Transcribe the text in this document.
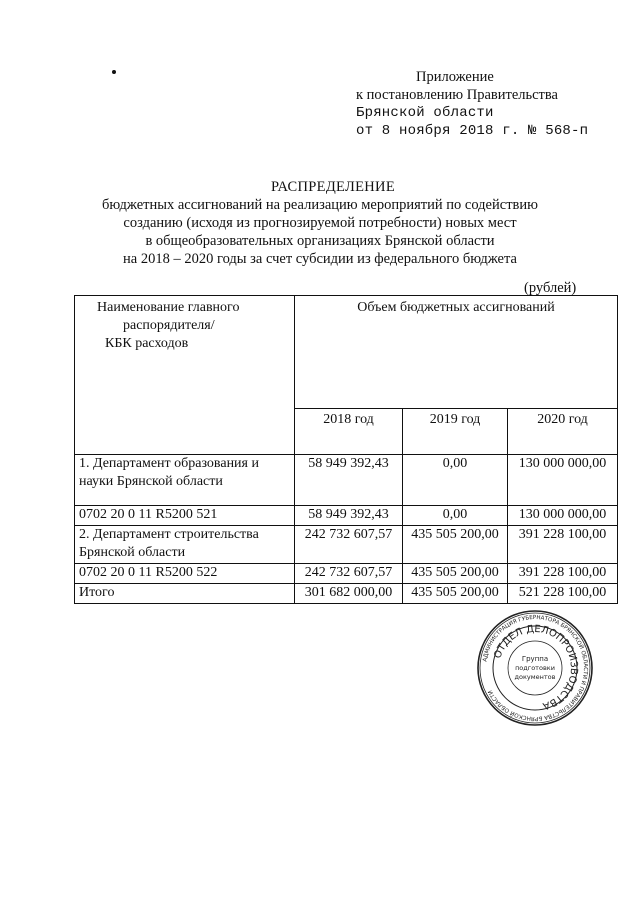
Приложение
к постановлению Правительства
Брянской области
от 8 ноября 2018 г. № 568-п
РАСПРЕДЕЛЕНИЕ
бюджетных ассигнований на реализацию мероприятий по содействию
созданию (исходя из прогнозируемой потребности) новых мест
в общеобразовательных организациях Брянской области
на 2018 – 2020 годы за счет субсидии из федерального бюджета
(рублей)
Наименование главного
распорядителя/
КБК расходов	Объем бюджетных ассигнований		
	2018 год	2019 год	2020 год
1. Департамент образования и науки Брянской области	58 949 392,43	0,00	130 000 000,00
0702 20 0 11 R5200 521	58 949 392,43	0,00	130 000 000,00
2. Департамент строительства Брянской области	242 732 607,57	435 505 200,00	391 228 100,00
0702 20 0 11 R5200 522	242 732 607,57	435 505 200,00	391 228 100,00
Итого	301 682 000,00	435 505 200,00	521 228 100,00
АДМИНИСТРАЦИЯ ГУБЕРНАТОРА БРЯНСКОЙ ОБЛАСТИ И ПРАВИТЕЛЬСТВА БРЯНСКОЙ ОБЛАСТИ
ОТДЕЛ ДЕЛОПРОИЗВОДСТВА
Группа
подготовки
документов
